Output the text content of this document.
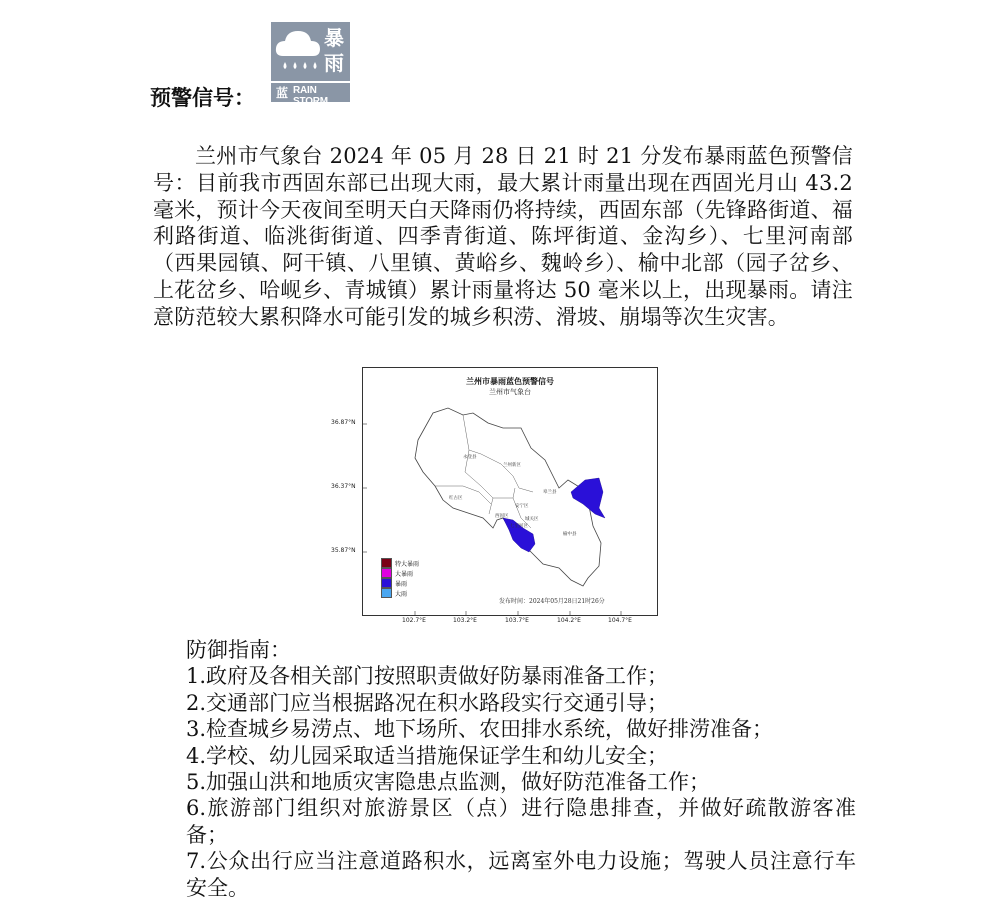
预警信号：
暴雨
蓝 RAIN STORM
兰州市气象台 2024 年 05 月 28 日 21 时 21 分发布暴雨蓝色预警信号：目前我市西固东部已出现大雨，最大累计雨量出现在西固光月山 43.2 毫米，预计今天夜间至明天白天降雨仍将持续，西固东部（先锋路街道、福利路街道、临洮街街道、四季青街道、陈坪街道、金沟乡）、七里河南部（西果园镇、阿干镇、八里镇、黄峪乡、魏岭乡）、榆中北部（园子岔乡、上花岔乡、哈岘乡、青城镇）累计雨量将达 50 毫米以上，出现暴雨。请注意防范较大累积降水可能引发的城乡积涝、滑坡、崩塌等次生灾害。
兰州市暴雨蓝色预警信号
兰州市气象台
永登县
兰州新区
皋兰县
红古区
西固区
安宁区
城关区
七里河区
榆中县
特大暴雨
大暴雨
暴雨
大雨
发布时间：2024年05月28日21时26分
36.87°N
36.37°N
35.87°N
102.7°E	103.2°E	103.7°E	104.2°E	104.7°E

防御指南：

1.政府及各相关部门按照职责做好防暴雨准备工作；

2.交通部门应当根据路况在积水路段实行交通引导；

3.检查城乡易涝点、地下场所、农田排水系统，做好排涝准备；

4.学校、幼儿园采取适当措施保证学生和幼儿安全；

5.加强山洪和地质灾害隐患点监测，做好防范准备工作；

6.旅游部门组织对旅游景区（点）进行隐患排查，并做好疏散游客准备；

7.公众出行应当注意道路积水，远离室外电力设施；驾驶人员注意行车安全。
